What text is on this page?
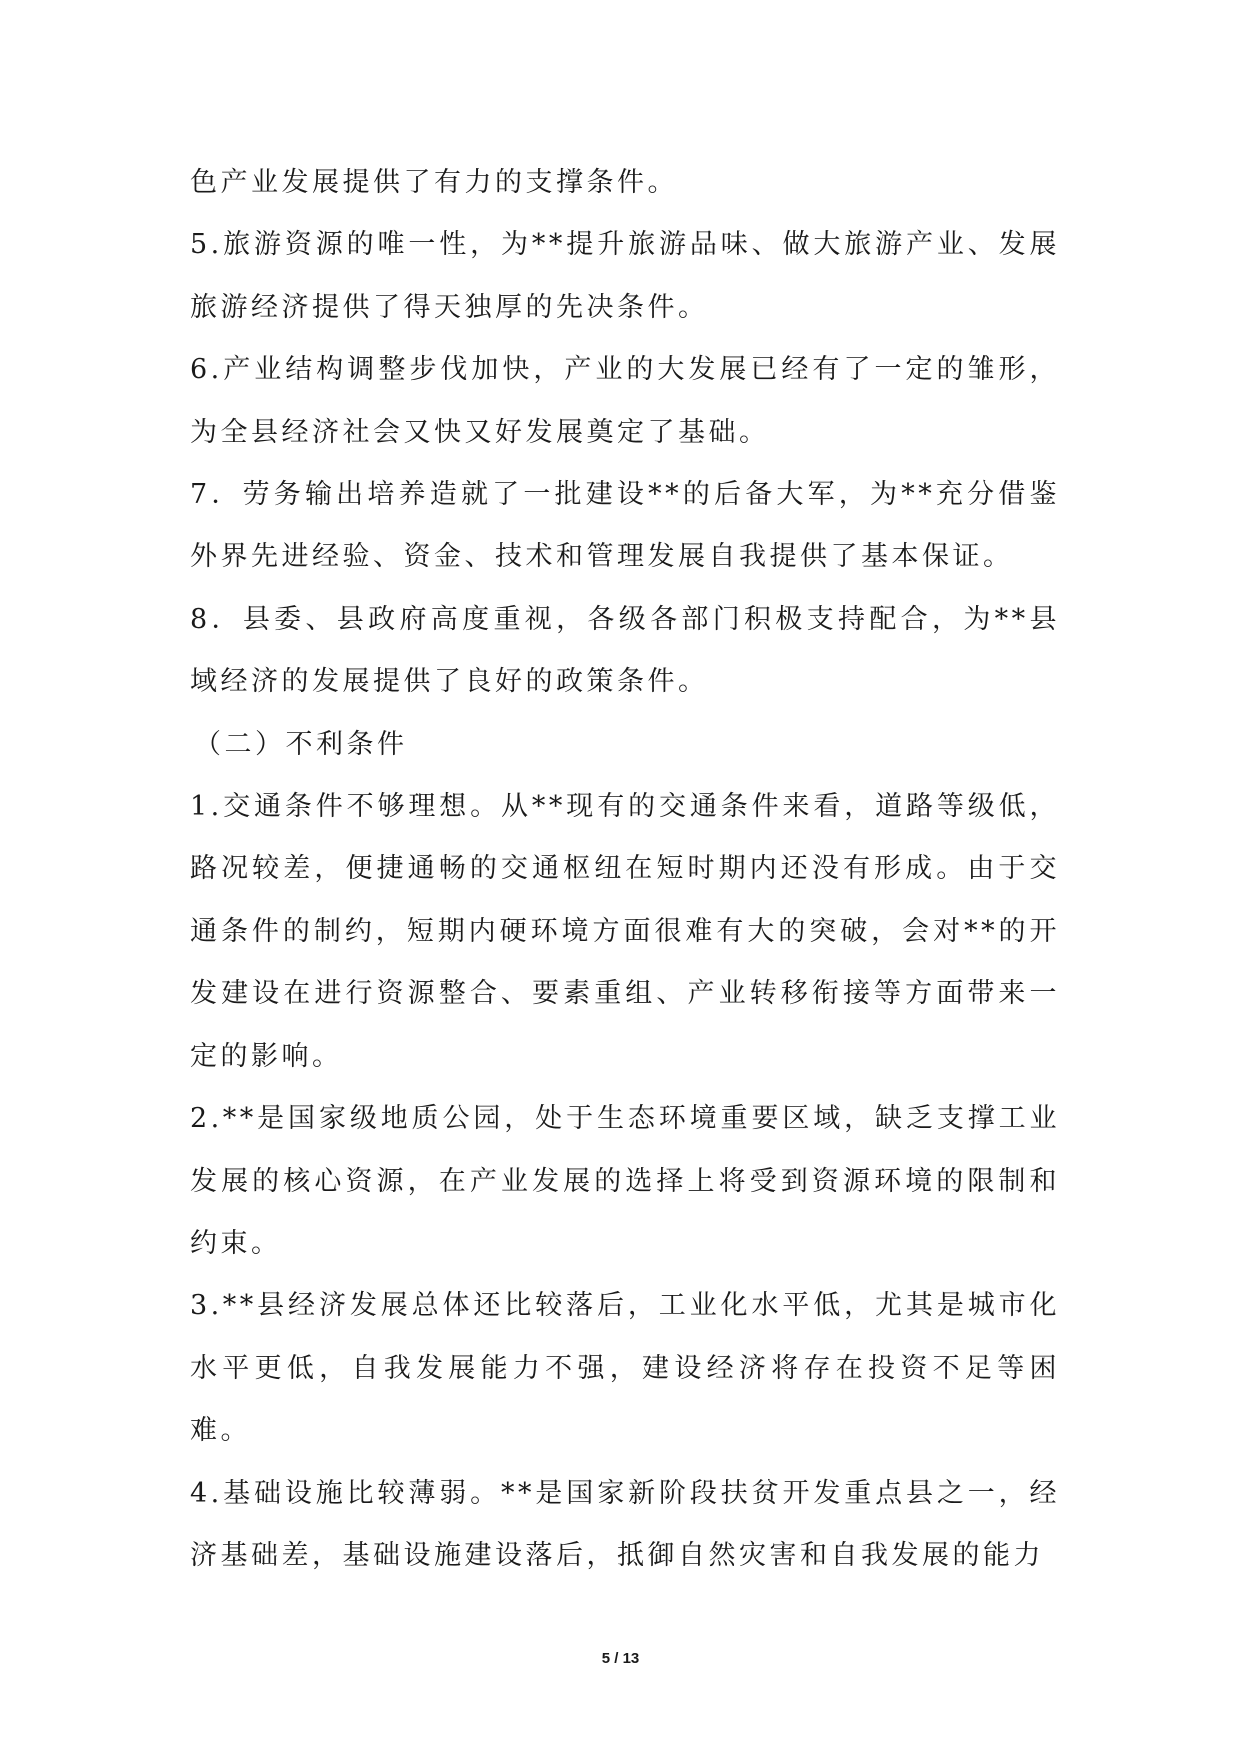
色产业发展提供了有力的支撑条件。

5.旅游资源的唯一性，为**提升旅游品味、做大旅游产业、发展旅游经济提供了得天独厚的先决条件。

6.产业结构调整步伐加快，产业的大发展已经有了一定的雏形，为全县经济社会又快又好发展奠定了基础。

7．劳务输出培养造就了一批建设**的后备大军，为**充分借鉴外界先进经验、资金、技术和管理发展自我提供了基本保证。

8．县委、县政府高度重视，各级各部门积极支持配合，为**县域经济的发展提供了良好的政策条件。

（二）不利条件

1.交通条件不够理想。从**现有的交通条件来看，道路等级低，路况较差，便捷通畅的交通枢纽在短时期内还没有形成。由于交通条件的制约，短期内硬环境方面很难有大的突破，会对**的开发建设在进行资源整合、要素重组、产业转移衔接等方面带来一定的影响。

2.**是国家级地质公园，处于生态环境重要区域，缺乏支撑工业发展的核心资源，在产业发展的选择上将受到资源环境的限制和约束。

3.**县经济发展总体还比较落后，工业化水平低，尤其是城市化水平更低，自我发展能力不强，建设经济将存在投资不足等困难。

4.基础设施比较薄弱。**是国家新阶段扶贫开发重点县之一，经济基础差，基础设施建设落后，抵御自然灾害和自我发展的能力

5 / 13
